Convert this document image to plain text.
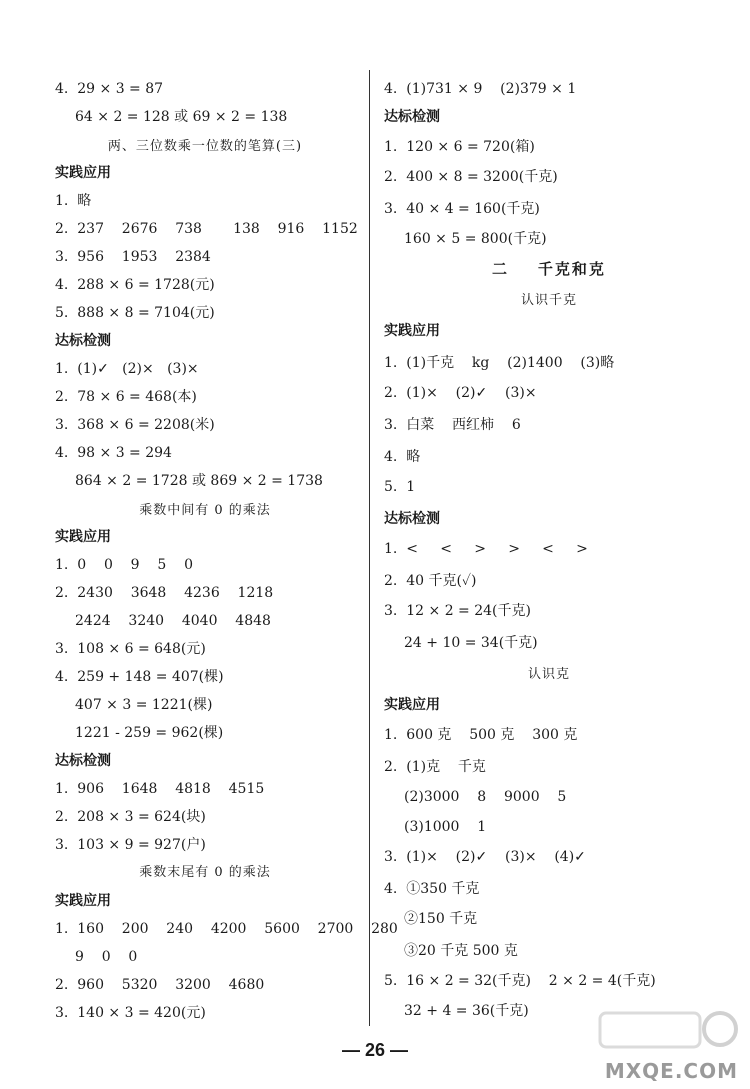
4.  29 × 3 = 87
64 × 2 = 128 或 69 × 2 = 138
两、三位数乘一位数的笔算(三)
实践应用
1.  略
2.  237    2676    738       138    916    1152
3.  956    1953    2384
4.  288 × 6 = 1728(元)
5.  888 × 8 = 7104(元)
达标检测
1.  (1)✓   (2)×   (3)×
2.  78 × 6 = 468(本)
3.  368 × 6 = 2208(米)
4.  98 × 3 = 294
864 × 2 = 1728 或 869 × 2 = 1738
乘数中间有 0 的乘法
实践应用
1.  0    0    9    5    0
2.  2430    3648    4236    1218
2424    3240    4040    4848
3.  108 × 6 = 648(元)
4.  259 + 148 = 407(棵)
407 × 3 = 1221(棵)
1221 - 259 = 962(棵)
达标检测
1.  906    1648    4818    4515
2.  208 × 3 = 624(块)
3.  103 × 9 = 927(户)
乘数末尾有 0 的乘法
实践应用
1.  160    200    240    4200    5600    2700    280
9    0    0
2.  960    5320    3200    4680
3.  140 × 3 = 420(元)
4.  (1)731 × 9    (2)379 × 1
达标检测
1.  120 × 6 = 720(箱)
2.  400 × 8 = 3200(千克)
3.  40 × 4 = 160(千克)
160 × 5 = 800(千克)
二    千克和克
认识千克
实践应用
1.  (1)千克    kg    (2)1400    (3)略
2.  (1)×    (2)✓    (3)×
3.  白菜    西红柿    6
4.  略
5.  1
达标检测
1.  <     <     >     >     <     >
2.  40 千克(✓)
3.  12 × 2 = 24(千克)
24 + 10 = 34(千克)
认识克
实践应用
1.  600 克    500 克    300 克
2.  (1)克    千克
(2)3000    8    9000    5
(3)1000    1
3.  (1)×    (2)✓    (3)×    (4)✓
4.  ①350 千克
②150 千克
③20 千克 500 克
5.  16 × 2 = 32(千克)    2 × 2 = 4(千克)
32 + 4 = 36(千克)
— 26 —
MXQE.COM
